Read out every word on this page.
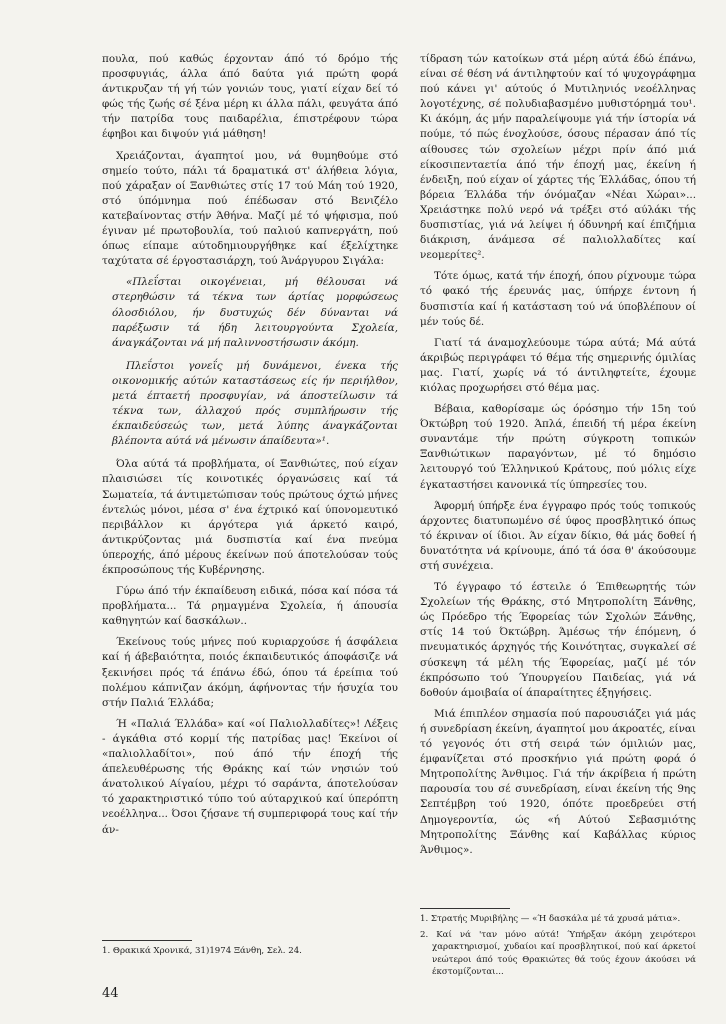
πουλα, πού καθώς έρχονταν άπό τό δρόμο τής προσφυγιάς, άλλα άπό δαύτα γιά πρώτη φορά άντικρυζαν τή γή τών γονιών τους, γιατί είχαν δεί τό φώς τής ζωής σέ ξένα μέρη κι άλλα πάλι, φευγάτα άπό τήν πατρίδα τους παιδαρέλια, έπιστρέφουν τώρα έφηβοι και διψούν γιά μάθηση!

Χρειάζονται, άγαπητοί μου, νά θυμηθούμε στό σημείο τούτο, πάλι τά δραματικά στ' άλήθεια λόγια, πού χάραξαν οί Ξανθιώτες στίς 17 τού Μάη τού 1920, στό ύπόμνημα πού έπέδωσαν στό Βενιζέλο κατεβαίνοντας στήν Άθήνα. Μαζί μέ τό ψήφισμα, πού έγιναν μέ πρωτοβουλία, τού παλιού καπνεργάτη, πού όπως είπαμε αύτοδημιουργήθηκε καί έξελίχτηκε ταχύτατα σέ έργοστασιάρχη, τού Άνάργυρου Σιγάλα:

«Πλεΐσται οικογένειαι, μή θέλουσαι νά στερηθώσιν τά τέκνα των άρτίας μορφώσεως όλοσδιόλου, ήν δυστυχώς δέν δύνανται νά παρέξωσιν τά ήδη λειτουργούντα Σχολεία, άναγκάζονται νά μή παλιννοστήσωσιν άκόμη.

Πλεΐστοι γονεΐς μή δυνάμενοι, ένεκα τής οικονομικής αύτών καταστάσεως είς ήν περιήλθον, μετά έπταετή προσφυγίαν, νά άποστείλωσιν τά τέκνα των, άλλαχού πρός συμπλήρωσιν τής έκπαιδεύσεώς των, μετά λύπης άναγκάζονται βλέποντα αύτά νά μένωσιν άπαίδευτα»¹.

Όλα αύτά τά προβλήματα, οί Ξανθιώτες, πού είχαν πλαισιώσει τίς κοινοτικές όργανώσεις καί τά Σωματεία, τά άντιμετώπισαν τούς πρώτους όχτώ μήνες έντελώς μόνοι, μέσα σ' ένα έχτρικό καί ύπονομευτικό περιβάλλον κι άργότερα γιά άρκετό καιρό, άντικρύζοντας μιά δυσπιστία καί ένα πνεύμα ύπεροχής, άπό μέρους έκείνων πού άποτελούσαν τούς έκπροσώπους τής Κυβέρνησης.

Γύρω άπό τήν έκπαίδευση ειδικά, πόσα καί πόσα τά προβλήματα... Τά ρημαγμένα Σχολεία, ή άπουσία καθηγητών καί δασκάλων..

Έκείνους τούς μήνες πού κυριαρχούσε ή άσφάλεια καί ή άβεβαιότητα, ποιός έκπαιδευτικός άποφάσιζε νά ξεκινήσει πρός τά έπάνω έδώ, όπου τά έρείπια τού πολέμου κάπνιζαν άκόμη, άφήνοντας τήν ήσυχία του στήν Παλιά Έλλάδα;

Ή «Παλιά Έλλάδα» καί «οί Παλιολλαδίτες»! Λέξεις - άγκάθια στό κορμί τής πατρίδας μας! Έκείνοι οί «παλιολλαδίτοι», πού άπό τήν έποχή τής άπελευθέρωσης τής Θράκης καί τών νησιών τού άνατολικού Αίγαίου, μέχρι τό σαράντα, άποτελούσαν τό χαρακτηριστικό τύπο τού αύταρχικού καί ύπερόπτη νεοέλληνα... Όσοι ζήσανε τή συμπεριφορά τους καί τήν άν-

1. Θρακικά Χρονικά, 31)1974 Ξάνθη, Σελ. 24.

τίδραση τών κατοίκων στά μέρη αύτά έδώ έπάνω, είναι σέ θέση νά άντιληφτούν καί τό ψυχογράφημα πού κάνει γι' αύτούς ό Μυτιληνιός νεοέλληνας λογοτέχνης, σέ πολυδιαβασμένο μυθιστόρημά του¹. Κι άκόμη, άς μήν παραλείψουμε γιά τήν ίστορία νά πούμε, τό πώς ένοχλούσε, όσους πέρασαν άπό τίς αίθουσες τών σχολείων μέχρι πρίν άπό μιά είκοσιπενταετία άπό τήν έποχή μας, έκείνη ή ένδειξη, πού είχαν οί χάρτες τής Έλλάδας, όπου τή βόρεια Έλλάδα τήν όνόμαζαν «Νέαι Χώραι»... Χρειάστηκε πολύ νερό νά τρέξει στό αύλάκι τής δυσπιστίας, γιά νά λείψει ή όδυνηρή καί έπιζήμια διάκριση, άνάμεσα σέ παλιολλαδίτες καί νεομερίτες².

Τότε όμως, κατά τήν έποχή, όπου ρίχνουμε τώρα τό φακό τής έρευνάς μας, ύπήρχε έντονη ή δυσπιστία καί ή κατάσταση τού νά ύποβλέπουν οί μέν τούς δέ.

Γιατί τά άναμοχλεύουμε τώρα αύτά; Μά αύτά άκριβώς περιγράφει τό θέμα τής σημερινής όμιλίας μας. Γιατί, χωρίς νά τό άντιληφτείτε, έχουμε κιόλας προχωρήσει στό θέμα μας.

Βέβαια, καθορίσαμε ώς όρόσημο τήν 15η τού Όκτώβρη τού 1920. Άπλά, έπειδή τή μέρα έκείνη συναντάμε τήν πρώτη σύγκροτη τοπικών Ξανθιώτικων παραγόντων, μέ τό δημόσιο λειτουργό τού Έλληνικού Κράτους, πού μόλις είχε έγκαταστήσει κανονικά τίς ύπηρεσίες του.

Άφορμή ύπήρξε ένα έγγραφο πρός τούς τοπικούς άρχοντες διατυπωμένο σέ ύφος προσβλητικό όπως τό έκριναν οί ίδιοι. Άν είχαν δίκιο, θά μάς δοθεί ή δυνατότητα νά κρίνουμε, άπό τά όσα θ' άκούσουμε στή συνέχεια.

Τό έγγραφο τό έστειλε ό Έπιθεωρητής τών Σχολείων τής Θράκης, στό Μητροπολίτη Ξάνθης, ώς Πρόεδρο τής Έφορείας τών Σχολών Ξάνθης, στίς 14 τού Όκτώβρη. Άμέσως τήν έπόμενη, ό πνευματικός άρχηγός τής Κοινότητας, συγκαλεί σέ σύσκεψη τά μέλη τής Έφορείας, μαζί μέ τόν έκπρόσωπο τού Ύπουργείου Παιδείας, γιά νά δοθούν άμοιβαία οί άπαραίτητες έξηγήσεις.

Μιά έπιπλέον σημασία πού παρουσιάζει γιά μάς ή συνεδρίαση έκείνη, άγαπητοί μου άκροατές, είναι τό γεγονός ότι στή σειρά τών όμιλιών μας, έμφανίζεται στό προσκήνιο γιά πρώτη φορά ό Μητροπολίτης Άνθιμος. Γιά τήν άκρίβεια ή πρώτη παρουσία του σέ συνεδρίαση, είναι έκείνη τής 9ης Σεπτέμβρη τού 1920, όπότε προεδρεύει στή Δημογεροντία, ώς «ή Αύτού Σεβασμιότης Μητροπολίτης Ξάνθης καί Καβάλλας κύριος Άνθιμος».

1. Στρατής Μυριβήλης — «Ή δασκάλα μέ τά χρυσά μάτια».
2. Καί νά 'ταν μόνο αύτά! Ύπήρξαν άκόμη χειρότεροι χαρακτηρισμοί, χυδαίοι καί προσβλητικοί, πού καί άρκετοί νεώτεροι άπό τούς Θρακιώτες θά τούς έχουν άκούσει νά έκστομίζονται...
44
